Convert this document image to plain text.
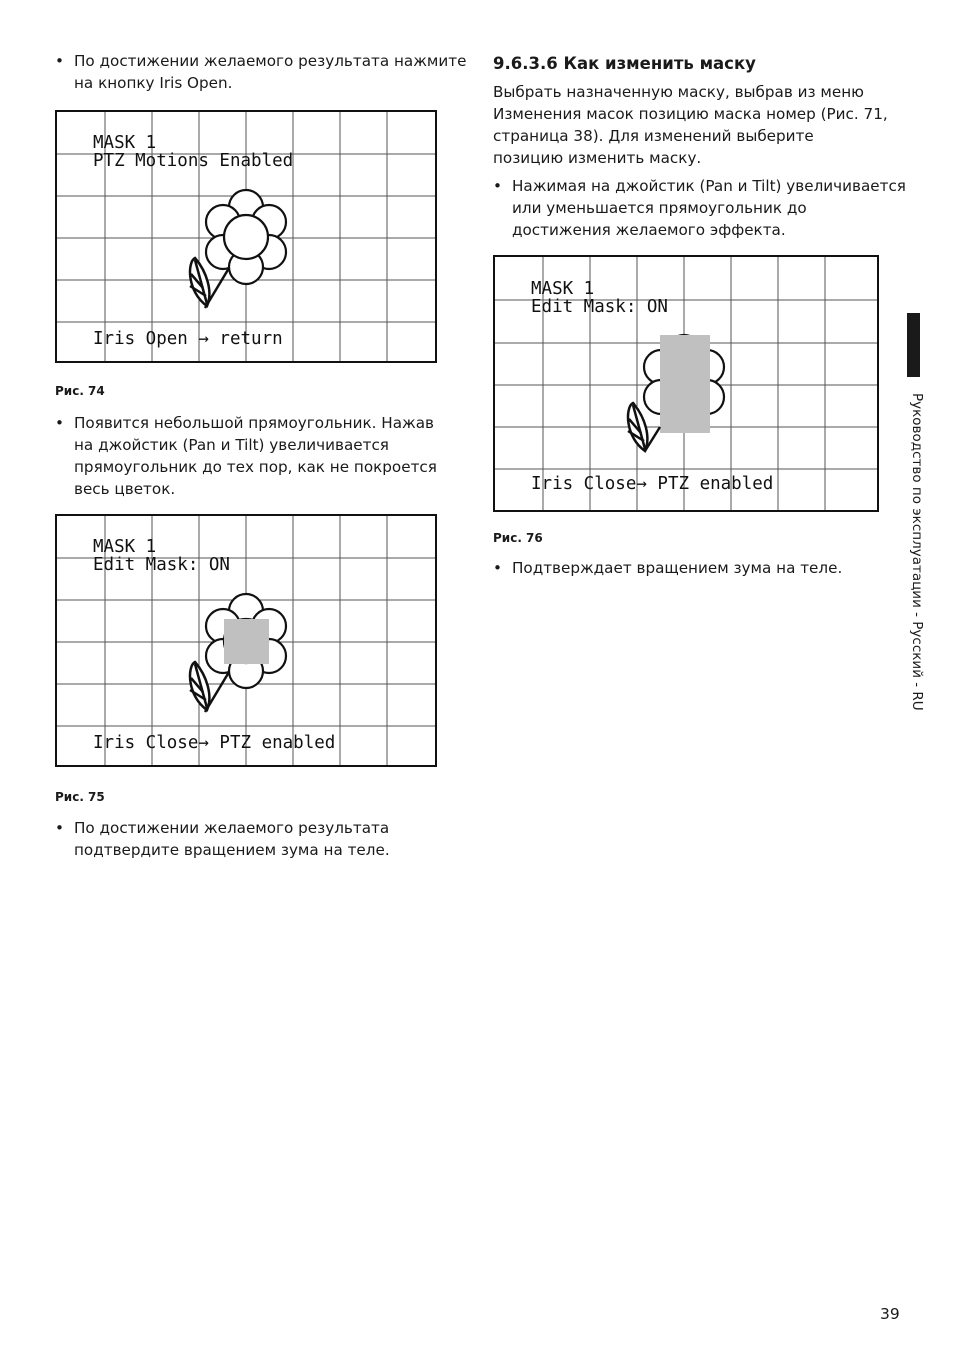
• По достижении желаемого результата нажмите на кнопку Iris Open.

MASK 1
PTZ Motions Enabled
Iris Open → return

Рис. 74

• Появится небольшой прямоугольник. Нажав на джойстик (Pan и Tilt) увеличивается прямоугольник до тех пор, как не покроется весь цветок.

MASK 1
Edit Mask: ON
Iris Close→ PTZ enabled

Рис. 75

• По достижении желаемого результата подтвердите вращением зума на теле.

9.6.3.6 Как изменить маску

Выбрать назначенную маску, выбрав из меню Изменения масок позицию маска номер (Рис. 71, страница 38). Для изменений выберите позицию изменить маску.

• Нажимая на джойстик (Pan и Tilt) увеличивается или уменьшается прямоугольник до достижения желаемого эффекта.

MASK 1
Edit Mask: ON
Iris Close→ PTZ enabled

Рис. 76

• Подтверждает вращением зума на теле.	Руководство по эксплуатации - Русский - RU
39
